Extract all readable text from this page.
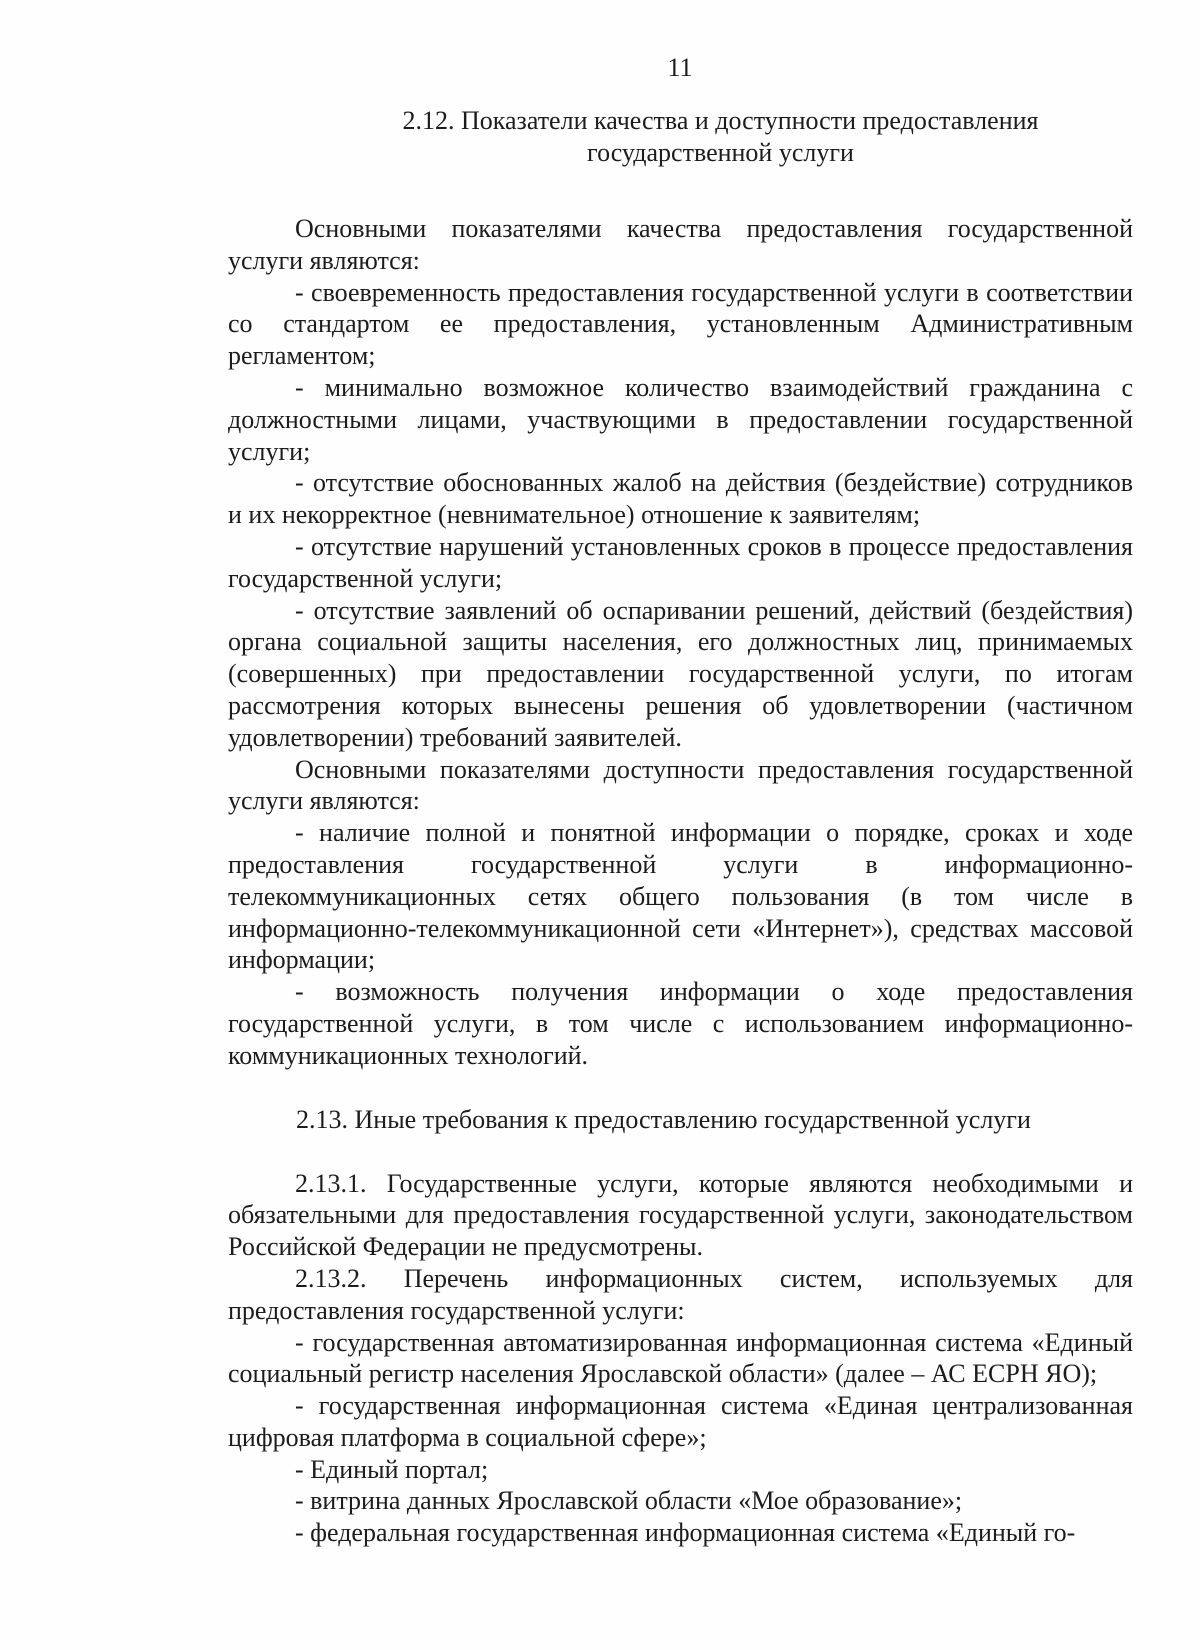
11
2.12. Показатели качества и доступности предоставления
государственной услуги

Основными показателями качества предоставления государственной услуги являются:

- своевременность предоставления государственной услуги в соответствии со стандартом ее предоставления, установленным Административным регламентом;

- минимально возможное количество взаимодействий гражданина с должностными лицами, участвующими в предоставлении государственной услуги;

- отсутствие обоснованных жалоб на действия (бездействие) сотрудников и их некорректное (невнимательное) отношение к заявителям;

- отсутствие нарушений установленных сроков в процессе предоставления государственной услуги;

- отсутствие заявлений об оспаривании решений, действий (бездействия) органа социальной защиты населения, его должностных лиц, принимаемых (совершенных) при предоставлении государственной услуги, по итогам рассмотрения которых вынесены решения об удовлетворении (частичном удовлетворении) требований заявителей.

Основными показателями доступности предоставления государственной услуги являются:

- наличие полной и понятной информации о порядке, сроках и ходе предоставления государственной услуги в информационно-телекоммуникационных сетях общего пользования (в том числе в информационно-телекоммуникационной сети «Интернет»), средствах массовой информации;

- возможность получения информации о ходе предоставления государственной услуги, в том числе с использованием информационно-коммуникационных технологий.

2.13. Иные требования к предоставлению государственной услуги

2.13.1. Государственные услуги, которые являются необходимыми и обязательными для предоставления государственной услуги, законодательством Российской Федерации не предусмотрены.

2.13.2. Перечень информационных систем, используемых для предоставления государственной услуги:

- государственная автоматизированная информационная система «Единый социальный регистр населения Ярославской области» (далее – АС ЕСРН ЯО);

- государственная информационная система «Единая централизованная цифровая платформа в социальной сфере»;

- Единый портал;

- витрина данных Ярославской области «Мое образование»;

- федеральная государственная информационная система «Единый го-
